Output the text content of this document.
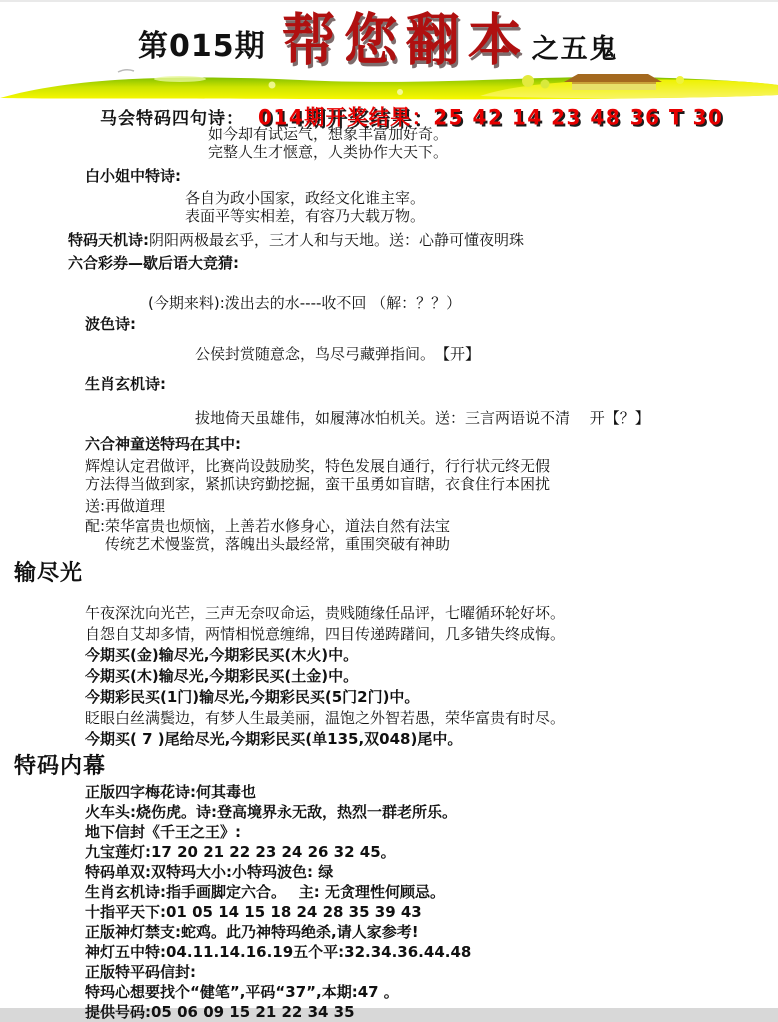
第015期 帮您翻本 之五鬼
马会特码四句诗： 014期开奖结果：25 42 14 23 48 36 T 30
如今却有试运气，想象丰富加好奇。
完整人生才惬意，人类协作大天下。
白小姐中特诗:
各自为政小国家，政经文化谁主宰。
表面平等实相差，有容乃大载万物。
特码天机诗:阴阳两极最玄乎，三才人和与天地。送：心静可懂夜明珠
六合彩券—歇后语大竞猜:
(今期来料):泼出去的水----收不回 （解：？？）
波色诗:
公侯封赏随意念，鸟尽弓藏弹指间。　【开】
生肖玄机诗:
拔地倚天虽雄伟，如履薄冰怕机关。送：三言两语说不清　 开【？】
六合神童送特玛在其中:
辉煌认定君做评，比赛尚设鼓励奖，特色发展自通行，行行状元终无假
方法得当做到家，紧抓诀窍勤挖掘，蛮干虽勇如盲瞎，衣食住行本困扰
送:再做道理
配:荣华富贵也烦恼，上善若水修身心，道法自然有法宝
传统艺术慢鉴赏，落魄出头最经常，重围突破有神助
输尽光
午夜深沈向光芒，三声无奈叹命运，贵贱随缘任品评，七曜循环轮好坏。
自怨自艾却多情，两情相悦意缠绵，四目传递踌躇间，几多错失终成悔。
今期买(金)输尽光,今期彩民买(木火)中。
今期买(木)输尽光,今期彩民买(土金)中。
今期彩民买(1门)输尽光,今期彩民买(5门2门)中。
眨眼白丝满鬓边，有梦人生最美丽，温饱之外智若愚，荣华富贵有时尽。
今期买( 7 )尾给尽光,今期彩民买(单135,双048)尾中。
特码内幕
正版四字梅花诗:何其毒也
火车头:烧伤虎。诗:登高境界永无敌，热烈一群老所乐。
地下信封《千王之王》:
九宝莲灯:17 20 21 22 23 24 26 32 45。
特码单双:双特玛大小:小特玛波色: 绿
生肖玄机诗:指手画脚定六合。　 主: 无贪理性何顾忌。
十指平天下:01 05 14 15 18 24 28 35 39 43
正版神灯禁支:蛇鸡。此乃神特玛绝杀,请人家参考!
神灯五中特:04.11.14.16.19五个平:32.34.36.44.48
正版特平码信封:
特玛心想要找个“健笔”,平码“37”,本期:47 。
提供号码:05 06 09 15 21 22 34 35
